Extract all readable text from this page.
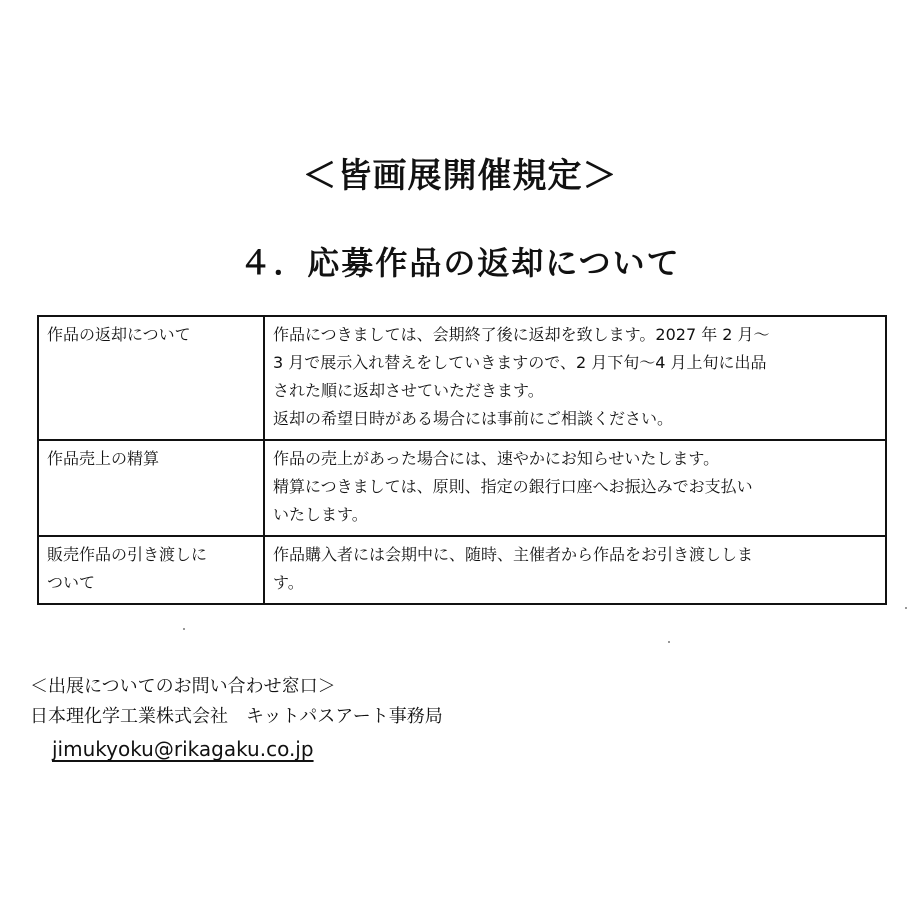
＜皆画展開催規定＞
４．応募作品の返却について
作品の返却について	作品につきましては、会期終了後に返却を致します。2027 年 2 月～
3 月で展示入れ替えをしていきますので、2 月下旬～4 月上旬に出品
された順に返却させていただきます。
返却の希望日時がある場合には事前にご相談ください。

作品売上の精算	作品の売上があった場合には、速やかにお知らせいたします。
精算につきましては、原則、指定の銀行口座へお振込みでお支払い
いたします。

販売作品の引き渡しに
ついて	作品購入者には会期中に、随時、主催者から作品をお引き渡ししま
す。
＜出展についてのお問い合わせ窓口＞
日本理化学工業株式会社　キットパスアート事務局
jimukyoku@rikagaku.co.jp
